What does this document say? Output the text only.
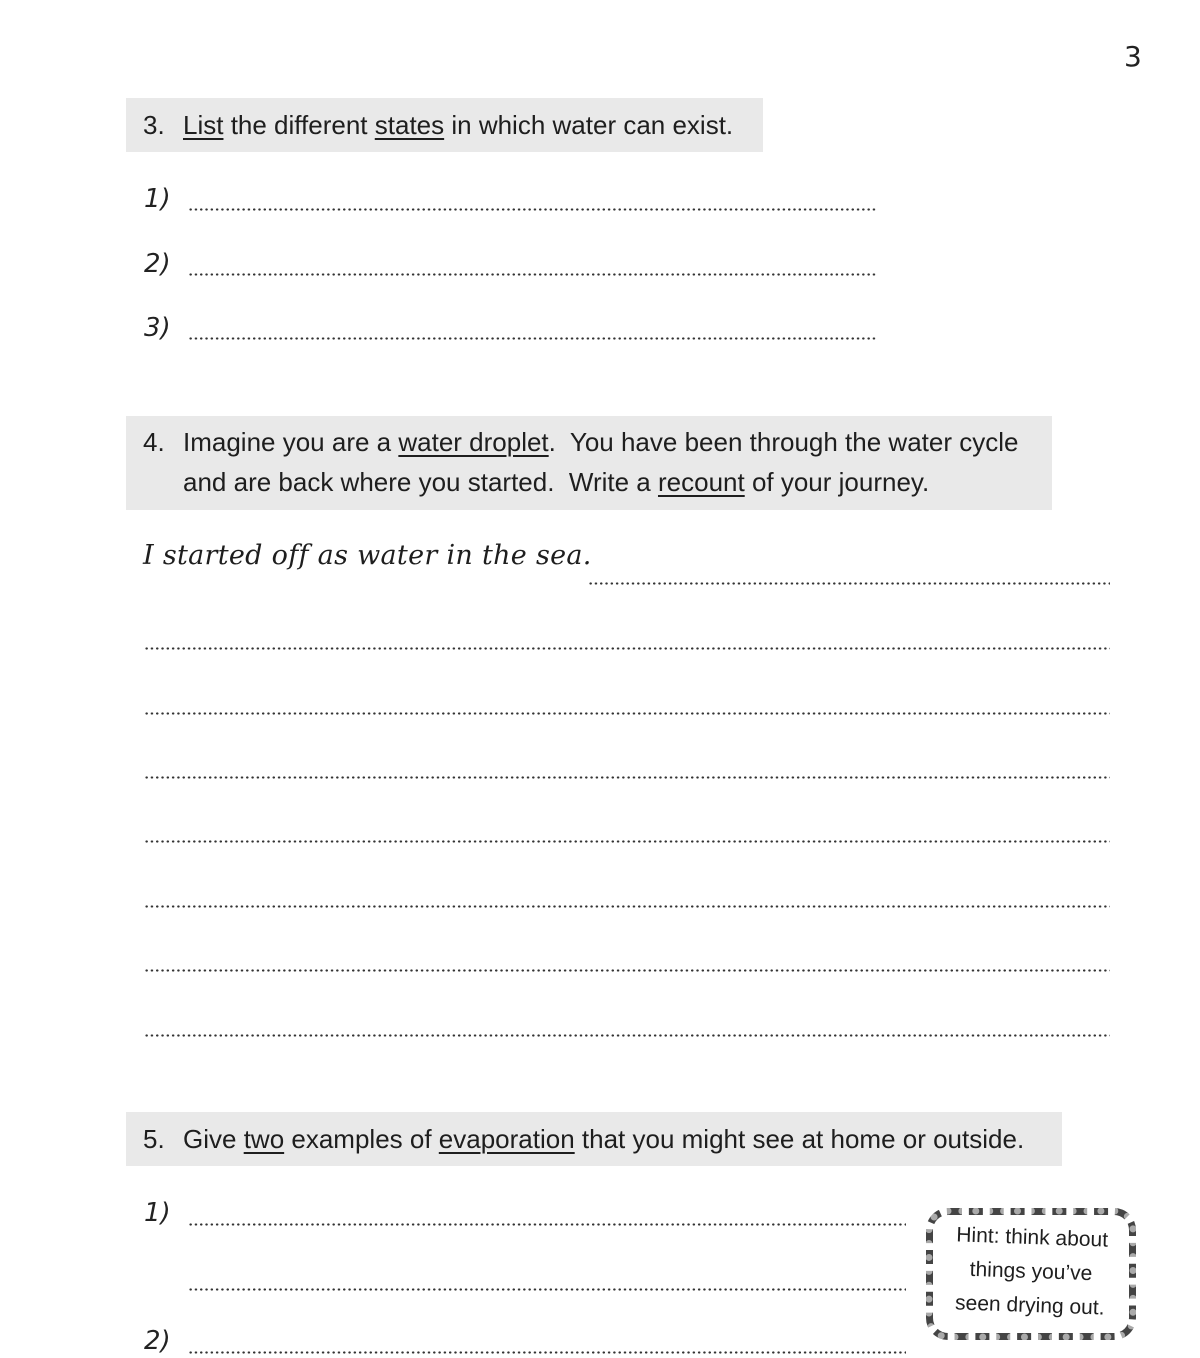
3
3. List the different states in which water can exist.
1)
2)
3)
4. Imagine you are a water droplet.  You have been through the water cycle
and are back where you started.  Write a recount of your journey.
I started off as water in the sea.
5. Give two examples of evaporation that you might see at home or outside.
1)
2)
Hint: think about
things you’ve
seen drying out.
